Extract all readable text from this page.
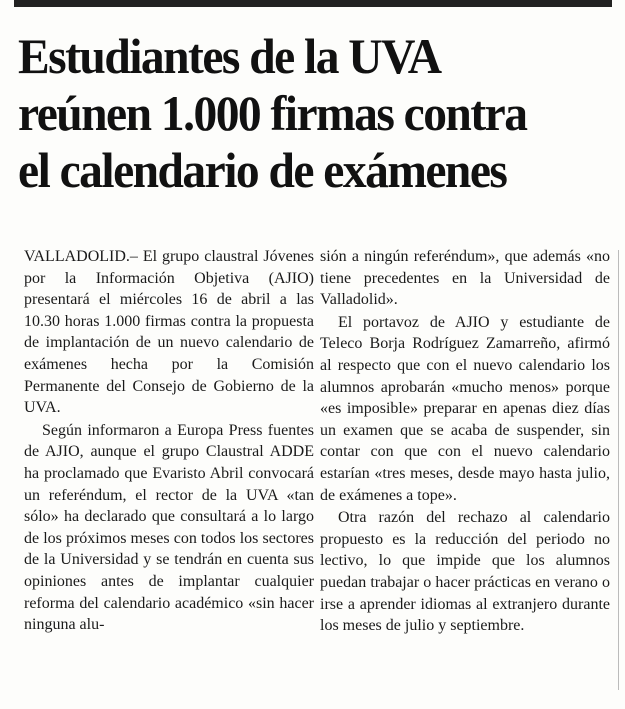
Estudiantes de la UVA
reúnen 1.000 firmas contra
el calendario de exámenes

VALLADOLID.– El grupo claustral Jóvenes por la Información Objetiva (AJIO) presentará el miércoles 16 de abril a las 10.30 horas 1.000 firmas contra la propuesta de implantación de un nuevo calendario de exámenes hecha por la Comisión Permanente del Consejo de Gobierno de la UVA.

Según informaron a Europa Press fuentes de AJIO, aunque el grupo Claustral ADDE ha proclamado que Evaristo Abril convocará un referéndum, el rector de la UVA «tan sólo» ha declarado que consultará a lo largo de los próximos meses con todos los sectores de la Universidad y se tendrán en cuenta sus opiniones antes de implantar cualquier reforma del calendario académico «sin hacer ninguna alu-

sión a ningún referéndum», que además «no tiene precedentes en la Universidad de Valladolid».

El portavoz de AJIO y estudiante de Teleco Borja Rodríguez Zamarreño, afirmó al respecto que con el nuevo calendario los alumnos aprobarán «mucho menos» porque «es imposible» preparar en apenas diez días un examen que se acaba de suspender, sin contar con que con el nuevo calendario estarían «tres meses, desde mayo hasta julio, de exámenes a tope».

Otra razón del rechazo al calendario propuesto es la reducción del periodo no lectivo, lo que impide que los alumnos puedan trabajar o hacer prácticas en verano o irse a aprender idiomas al extranjero durante los meses de julio y septiembre.
